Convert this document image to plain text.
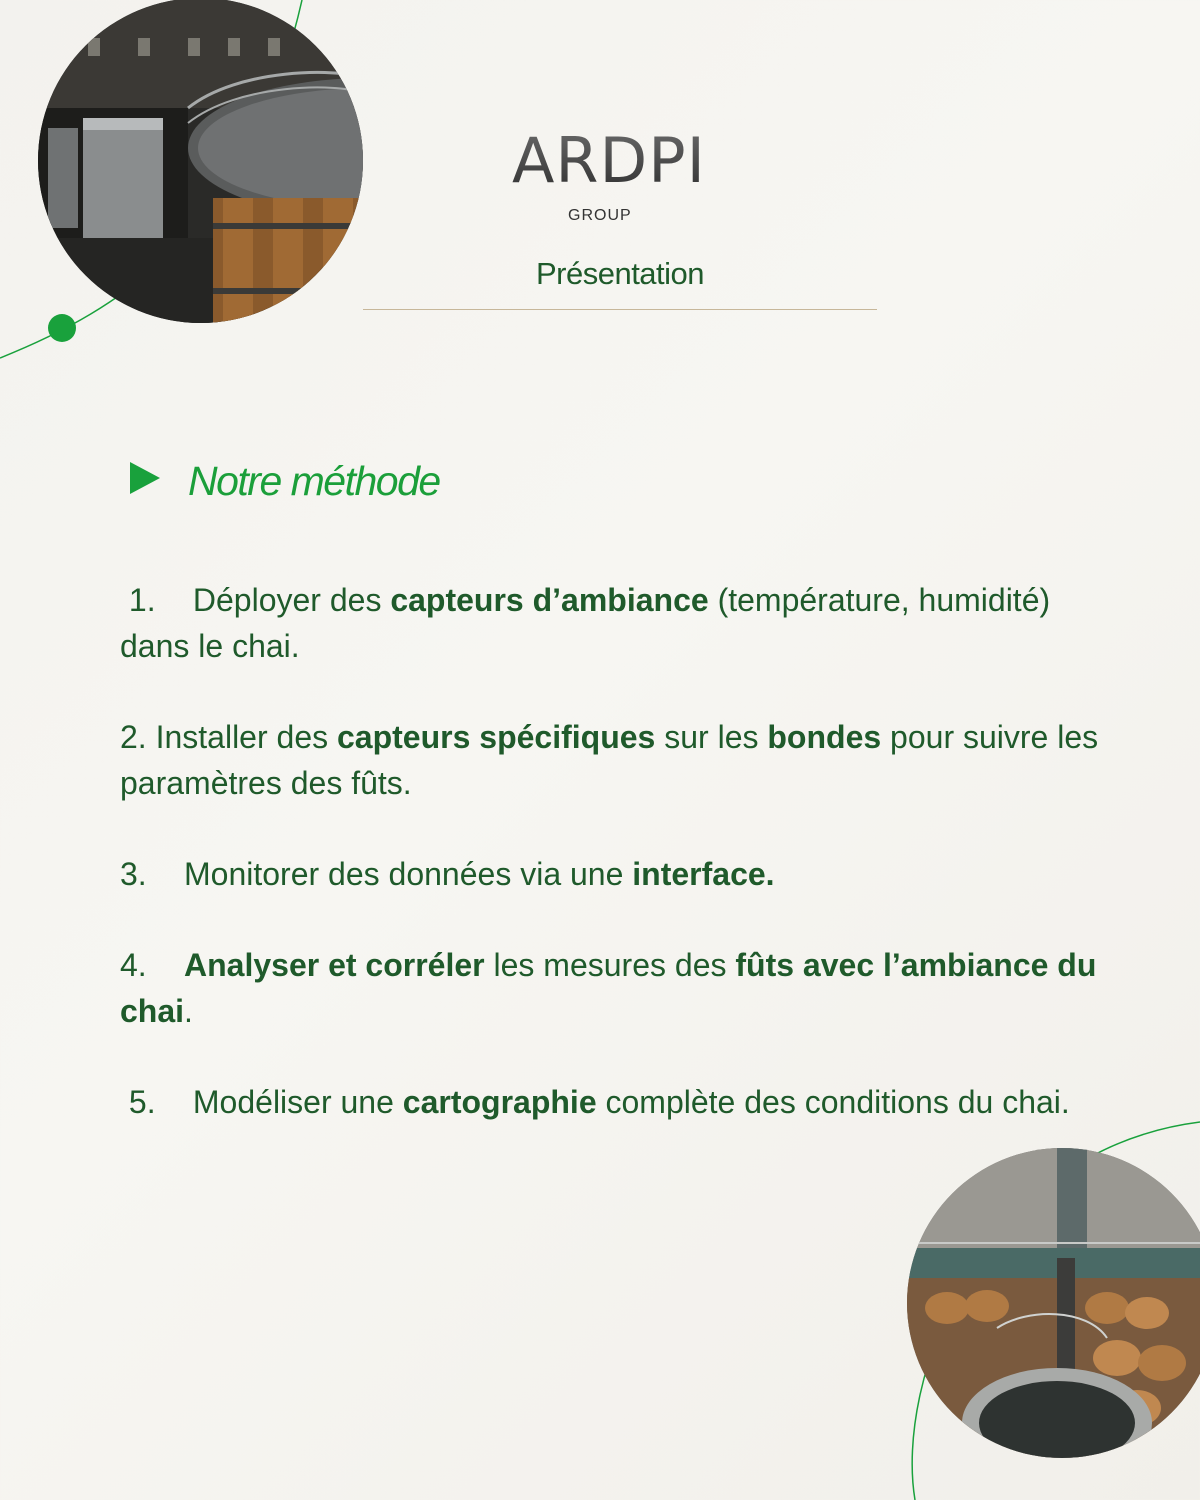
ARDPI
GROUP
Présentation
Notre méthode
1. Déployer des capteurs d’ambiance (température, humidité) dans le chai.
2. Installer des capteurs spécifiques sur les bondes pour suivre les paramètres des fûts.
3. Monitorer des données via une interface.
4. Analyser et corréler les mesures des fûts avec l’ambiance du chai.
5. Modéliser une cartographie complète des conditions du chai.
